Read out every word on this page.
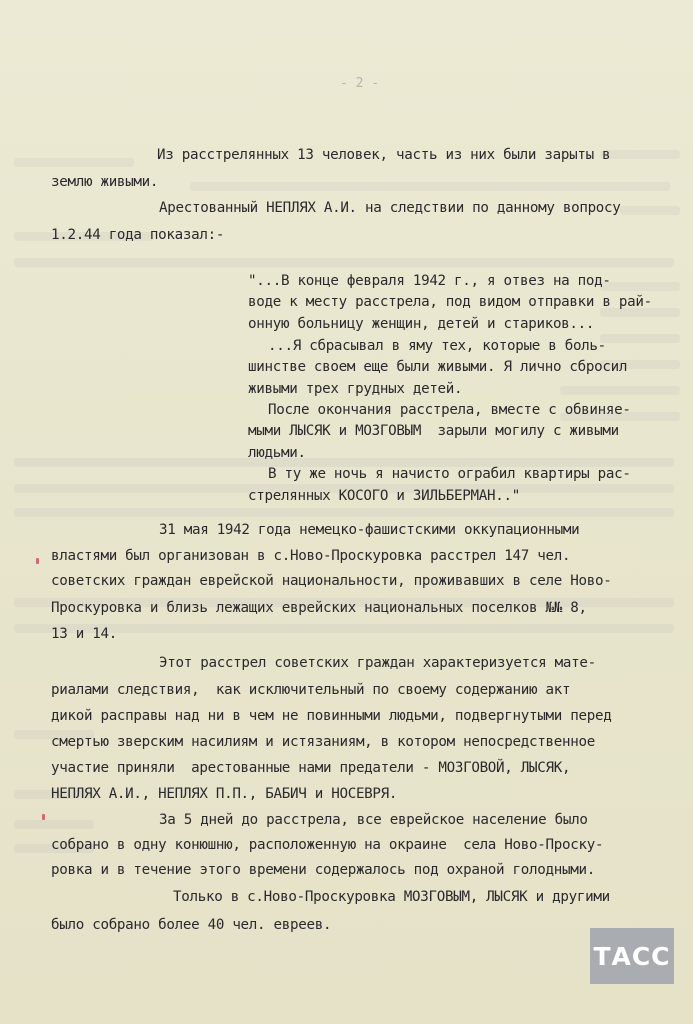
- 2 -
Из расстрелянных 13 человек, часть из них были зарыты в
землю живыми.
Арестованный НЕПЛЯХ А.И. на следствии по данному вопросу
1.2.44 года показал:-
"...В конце февраля 1942 г., я отвез на под-
воде к месту расстрела, под видом отправки в рай-
онную больницу женщин, детей и стариков...
...Я сбрасывал в яму тех, которые в боль-
шинстве своем еще были живыми. Я лично сбросил
живыми трех грудных детей.
После окончания расстрела, вместе с обвиняе-
мыми ЛЫСЯК и МОЗГОВЫМ  зарыли могилу с живыми
людьми.
В ту же ночь я начисто ограбил квартиры рас-
стрелянных КОСОГО и ЗИЛЬБЕРМАН.."
31 мая 1942 года немецко-фашистскими оккупационными
властями был организован в с.Ново-Проскуровка расстрел 147 чел.
советских граждан еврейской национальности, проживавших в селе Ново-
Проскуровка и близь лежащих еврейских национальных поселков №№ 8,
13 и 14.
Этот расстрел советских граждан характеризуется мате-
риалами следствия,  как исключительный по своему содержанию акт
дикой расправы над ни в чем не повинными людьми, подвергнутыми перед
смертью зверским насилиям и истязаниям, в котором непосредственное
участие приняли  арестованные нами предатели - МОЗГОВОЙ, ЛЫСЯК,
НЕПЛЯХ А.И., НЕПЛЯХ П.П., БАБИЧ и НОСЕВРЯ.
За 5 дней до расстрела, все еврейское население было
собрано в одну конюшню, расположенную на окраине  села Ново-Проску-
ровка и в течение этого времени содержалось под охраной голодными.
Только в с.Ново-Проскуровка МОЗГОВЫМ, ЛЫСЯК и другими
было собрано более 40 чел. евреев.
ТАСС
